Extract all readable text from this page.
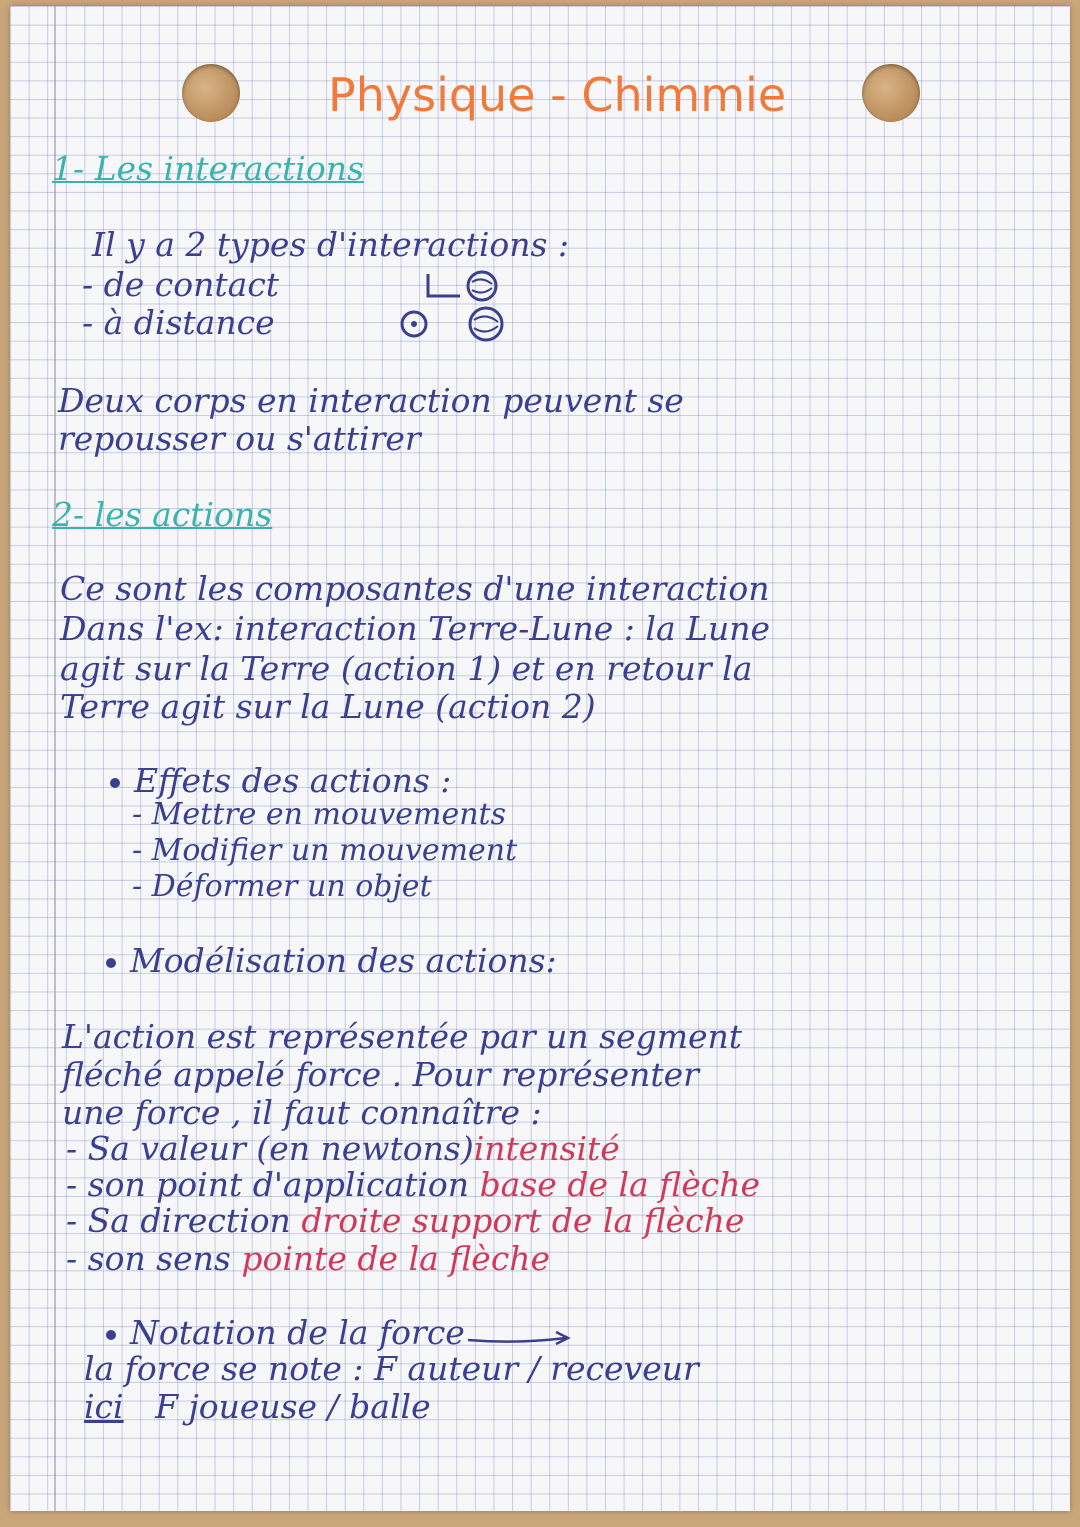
Physique - Chimmie
1- Les interactions
Il y a 2 types d'interactions :
- de contact
- à distance
Deux corps en interaction peuvent se
repousser ou s'attirer
2- les actions
Ce sont les composantes d'une interaction
Dans l'ex: interaction Terre-Lune : la Lune
agit sur la Terre (action 1) et en retour la
Terre agit sur la Lune (action 2)
Effets des actions :
- Mettre en mouvements
- Modifier un mouvement
- Déformer un objet
Modélisation des actions:
L'action est représentée par un segment
fléché appelé force . Pour représenter
une force , il faut connaître :
- Sa valeur (en newtons)intensité
- son point d'application base de la flèche
- Sa direction droite support de la flèche
- son sens pointe de la flèche
Notation de la force
la force se note : F auteur / receveur
ici F joueuse / balle
